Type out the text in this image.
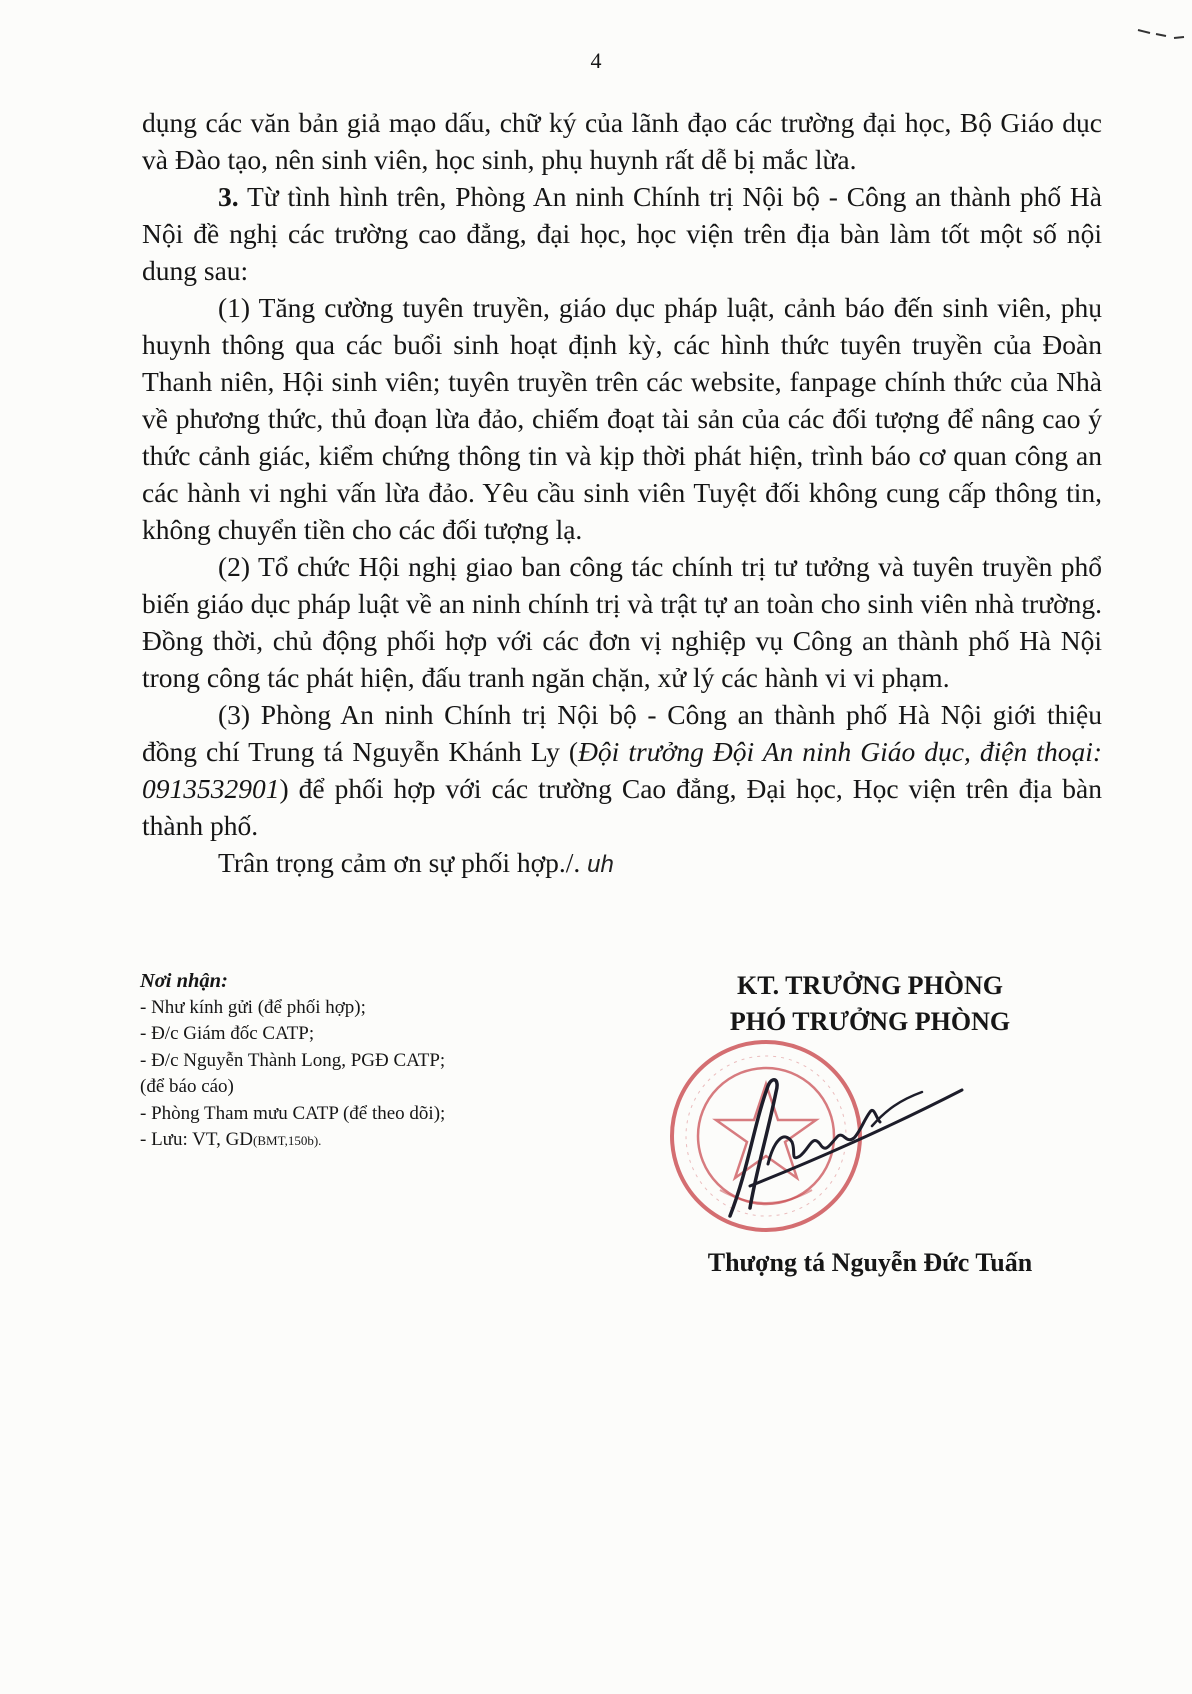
4

dụng các văn bản giả mạo dấu, chữ ký của lãnh đạo các trường đại học, Bộ Giáo dục và Đào tạo, nên sinh viên, học sinh, phụ huynh rất dễ bị mắc lừa.

3. Từ tình hình trên, Phòng An ninh Chính trị Nội bộ - Công an thành phố Hà Nội đề nghị các trường cao đẳng, đại học, học viện trên địa bàn làm tốt một số nội dung sau:

(1) Tăng cường tuyên truyền, giáo dục pháp luật, cảnh báo đến sinh viên, phụ huynh thông qua các buổi sinh hoạt định kỳ, các hình thức tuyên truyền của Đoàn Thanh niên, Hội sinh viên; tuyên truyền trên các website, fanpage chính thức của Nhà về phương thức, thủ đoạn lừa đảo, chiếm đoạt tài sản của các đối tượng để nâng cao ý thức cảnh giác, kiểm chứng thông tin và kịp thời phát hiện, trình báo cơ quan công an các hành vi nghi vấn lừa đảo. Yêu cầu sinh viên Tuyệt đối không cung cấp thông tin, không chuyển tiền cho các đối tượng lạ.

(2) Tổ chức Hội nghị giao ban công tác chính trị tư tưởng và tuyên truyền phổ biến giáo dục pháp luật về an ninh chính trị và trật tự an toàn cho sinh viên nhà trường. Đồng thời, chủ động phối hợp với các đơn vị nghiệp vụ Công an thành phố Hà Nội trong công tác phát hiện, đấu tranh ngăn chặn, xử lý các hành vi vi phạm.

(3) Phòng An ninh Chính trị Nội bộ - Công an thành phố Hà Nội giới thiệu đồng chí Trung tá Nguyễn Khánh Ly (Đội trưởng Đội An ninh Giáo dục, điện thoại: 0913532901) để phối hợp với các trường Cao đẳng, Đại học, Học viện trên địa bàn thành phố.

Trân trọng cảm ơn sự phối hợp./. uh

Nơi nhận:
- Như kính gửi (để phối hợp);
- Đ/c Giám đốc CATP;
- Đ/c Nguyễn Thành Long, PGĐ CATP;
(để báo cáo)
- Phòng Tham mưu CATP (để theo dõi);
- Lưu: VT, GD(BMT,150b).
KT. TRƯỞNG PHÒNG
PHÓ TRƯỞNG PHÒNG
Thượng tá Nguyễn Đức Tuấn
